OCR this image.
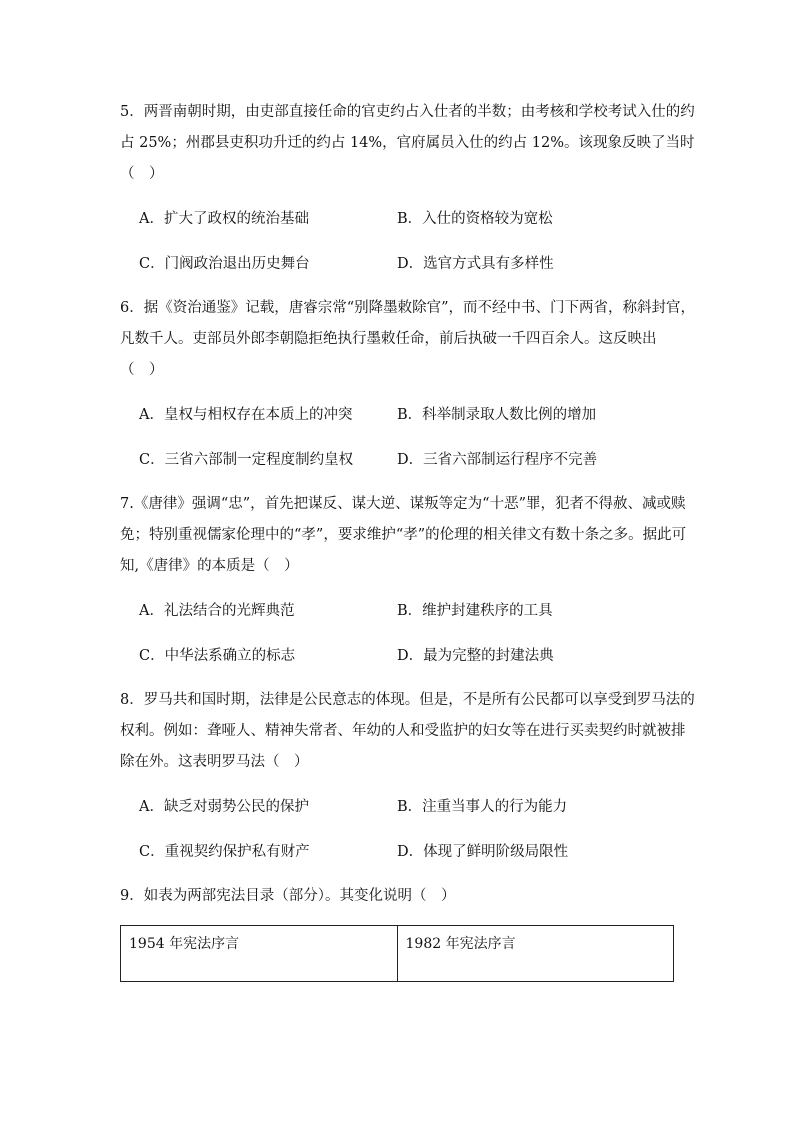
5．两晋南朝时期，由吏部直接任命的官吏约占入仕者的半数；由考核和学校考试入仕的约
占 25%；州郡县吏积功升迁的约占 14%，官府属员入仕的约占 12%。该现象反映了当时
（　）
A．扩大了政权的统治基础	B．入仕的资格较为宽松
C．门阀政治退出历史舞台	D．选官方式具有多样性
6．据《资治通鉴》记载，唐睿宗常“别降墨敕除官”，而不经中书、门下两省，称斜封官，
凡数千人。吏部员外郎李朝隐拒绝执行墨敕任命，前后执破一千四百余人。这反映出
（　）
A．皇权与相权存在本质上的冲突	B．科举制录取人数比例的增加
C．三省六部制一定程度制约皇权	D．三省六部制运行程序不完善
7.《唐律》强调“忠”，首先把谋反、谋大逆、谋叛等定为“十恶”罪，犯者不得赦、减或赎
免；特别重视儒家伦理中的“孝”，要求维护“孝”的伦理的相关律文有数十条之多。据此可
知,《唐律》的本质是（　）
A．礼法结合的光辉典范	B．维护封建秩序的工具
C．中华法系确立的标志	D．最为完整的封建法典
8．罗马共和国时期，法律是公民意志的体现。但是，不是所有公民都可以享受到罗马法的
权利。例如：聋哑人、精神失常者、年幼的人和受监护的妇女等在进行买卖契约时就被排
除在外。这表明罗马法（　）
A．缺乏对弱势公民的保护	B．注重当事人的行为能力
C．重视契约保护私有财产	D．体现了鲜明阶级局限性
9．如表为两部宪法目录（部分）。其变化说明（　）
1954 年宪法序言	1982 年宪法序言
